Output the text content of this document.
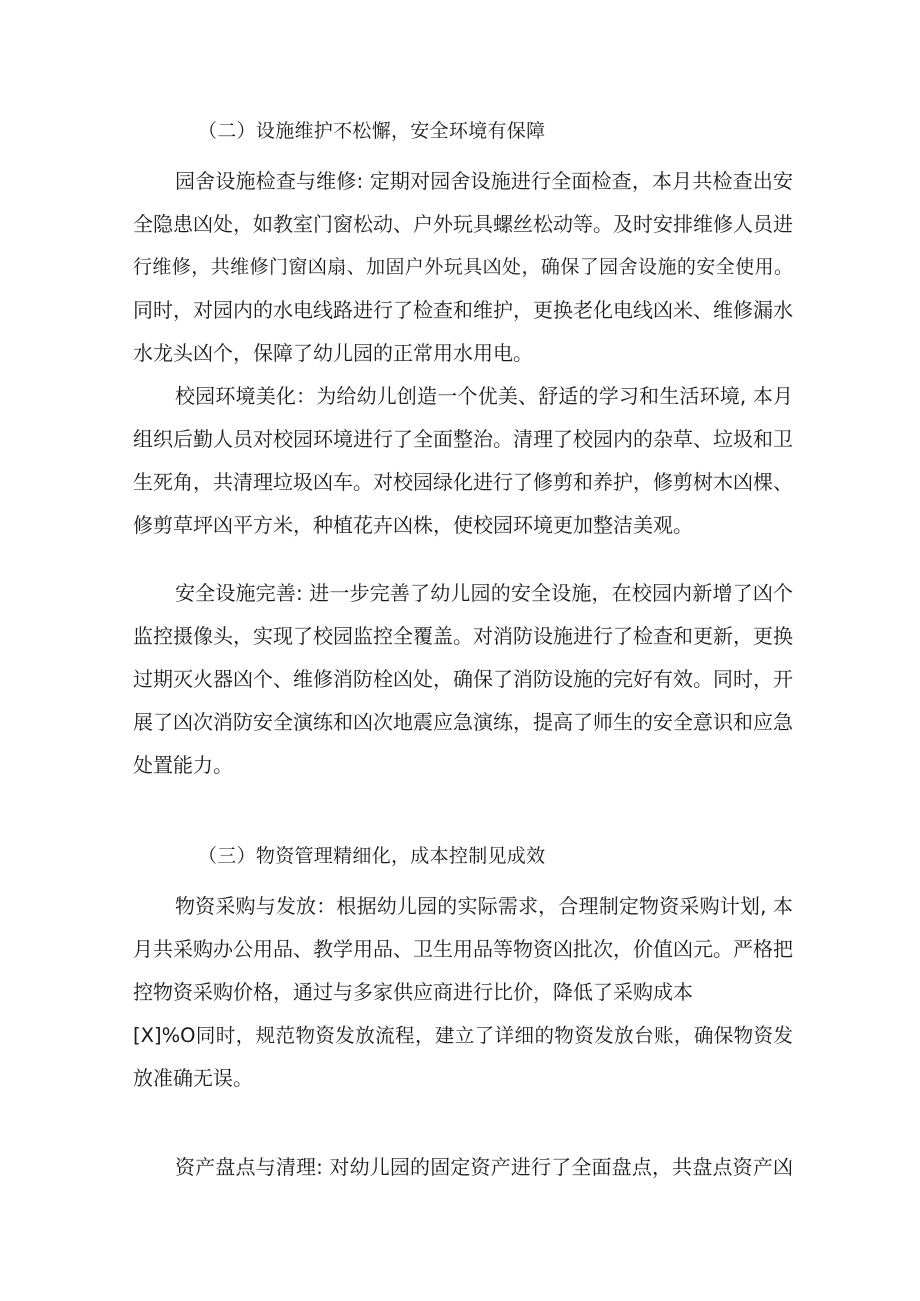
（二）设施维护不松懈，安全环境有保障
园舍设施检查与维修: 定期对园舍设施进行全面检查，本月共检查出安
全隐患凶处，如教室门窗松动、户外玩具螺丝松动等。及时安排维修人员进
行维修，共维修门窗凶扇、加固户外玩具凶处，确保了园舍设施的安全使用。
同时，对园内的水电线路进行了检查和维护，更换老化电线凶米、维修漏水
水龙头凶个，保障了幼儿园的正常用水用电。
校园环境美化：为给幼儿创造一个优美、舒适的学习和生活环境, 本月
组织后勤人员对校园环境进行了全面整治。清理了校园内的杂草、垃圾和卫
生死角，共清理垃圾凶车。对校园绿化进行了修剪和养护，修剪树木凶棵、
修剪草坪凶平方米，种植花卉凶株，使校园环境更加整洁美观。
安全设施完善: 进一步完善了幼儿园的安全设施，在校园内新增了凶个
监控摄像头，实现了校园监控全覆盖。对消防设施进行了检查和更新，更换
过期灭火器凶个、维修消防栓凶处，确保了消防设施的完好有效。同时，开
展了凶次消防安全演练和凶次地震应急演练，提高了师生的安全意识和应急
处置能力。
（三）物资管理精细化，成本控制见成效
物资采购与发放：根据幼儿园的实际需求，合理制定物资采购计划, 本
月共采购办公用品、教学用品、卫生用品等物资凶批次，价值凶元。严格把
控物资采购价格，通过与多家供应商进行比价，降低了采购成本
[X]%O同时，规范物资发放流程，建立了详细的物资发放台账，确保物资发
放准确无误。
资产盘点与清理: 对幼儿园的固定资产进行了全面盘点，共盘点资产凶
